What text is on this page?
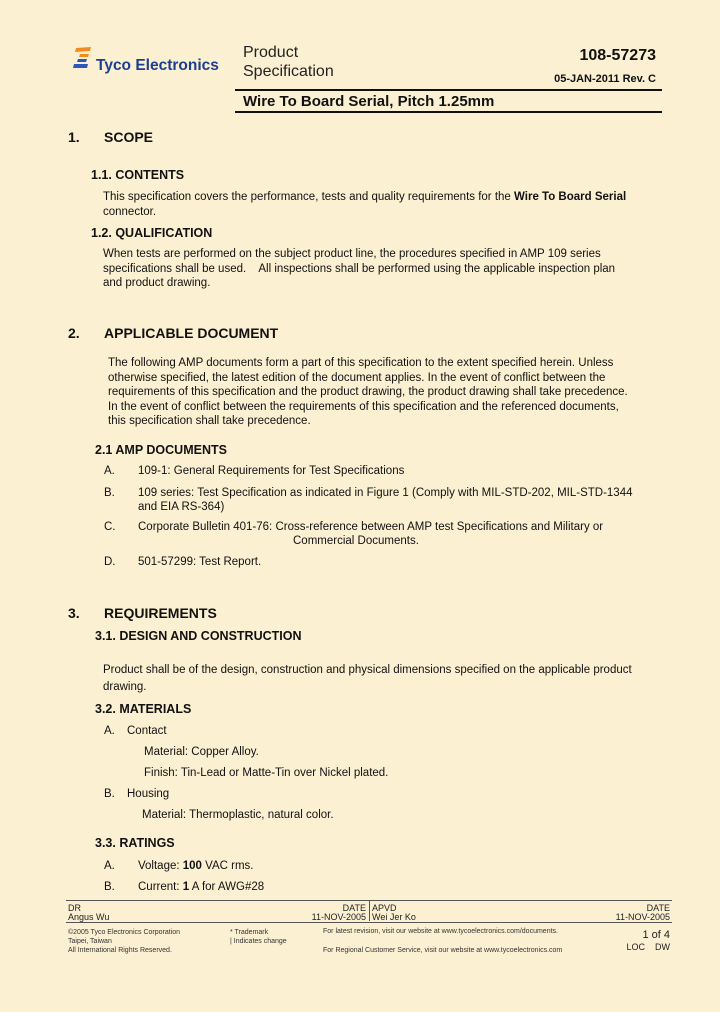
Tyco Electronics
Product
Specification
108-57273
05-JAN-2011 Rev. C
Wire To Board Serial, Pitch 1.25mm
1. SCOPE
1.1. CONTENTS
This specification covers the performance, tests and quality requirements for the Wire To Board Serial
connector.
1.2. QUALIFICATION
When tests are performed on the subject product line, the procedures specified in AMP 109 series
specifications shall be used.    All inspections shall be performed using the applicable inspection plan
and product drawing.
2. APPLICABLE DOCUMENT
The following AMP documents form a part of this specification to the extent specified herein. Unless
otherwise specified, the latest edition of the document applies. In the event of conflict between the
requirements of this specification and the product drawing, the product drawing shall take precedence.
In the event of conflict between the requirements of this specification and the referenced documents,
this specification shall take precedence.
2.1 AMP DOCUMENTS
A. 109-1: General Requirements for Test Specifications
B. 109 series: Test Specification as indicated in Figure 1 (Comply with MIL-STD-202, MIL-STD-1344
and EIA RS-364)
C. Corporate Bulletin 401-76: Cross-reference between AMP test Specifications and Military or
Commercial Documents.
D. 501-57299: Test Report.
3. REQUIREMENTS
3.1. DESIGN AND CONSTRUCTION
Product shall be of the design, construction and physical dimensions specified on the applicable product
drawing.
3.2. MATERIALS
A. Contact
Material: Copper Alloy.
Finish: Tin-Lead or Matte-Tin over Nickel plated.
B. Housing
Material: Thermoplastic, natural color.
3.3. RATINGS
A. Voltage: 100 VAC rms.
B. Current: 1 A for AWG#28
DR
Angus Wu
DATE
11-NOV-2005
APVD
Wei Jer Ko
DATE
11-NOV-2005
©2005 Tyco Electronics Corporation
Taipei, Taiwan
All International Rights Reserved.
* Trademark
| Indicates change
For latest revision, visit our website at www.tycoelectronics.com/documents.
For Regional Customer Service, visit our website at www.tycoelectronics.com
1 of 4
LOC    DW
